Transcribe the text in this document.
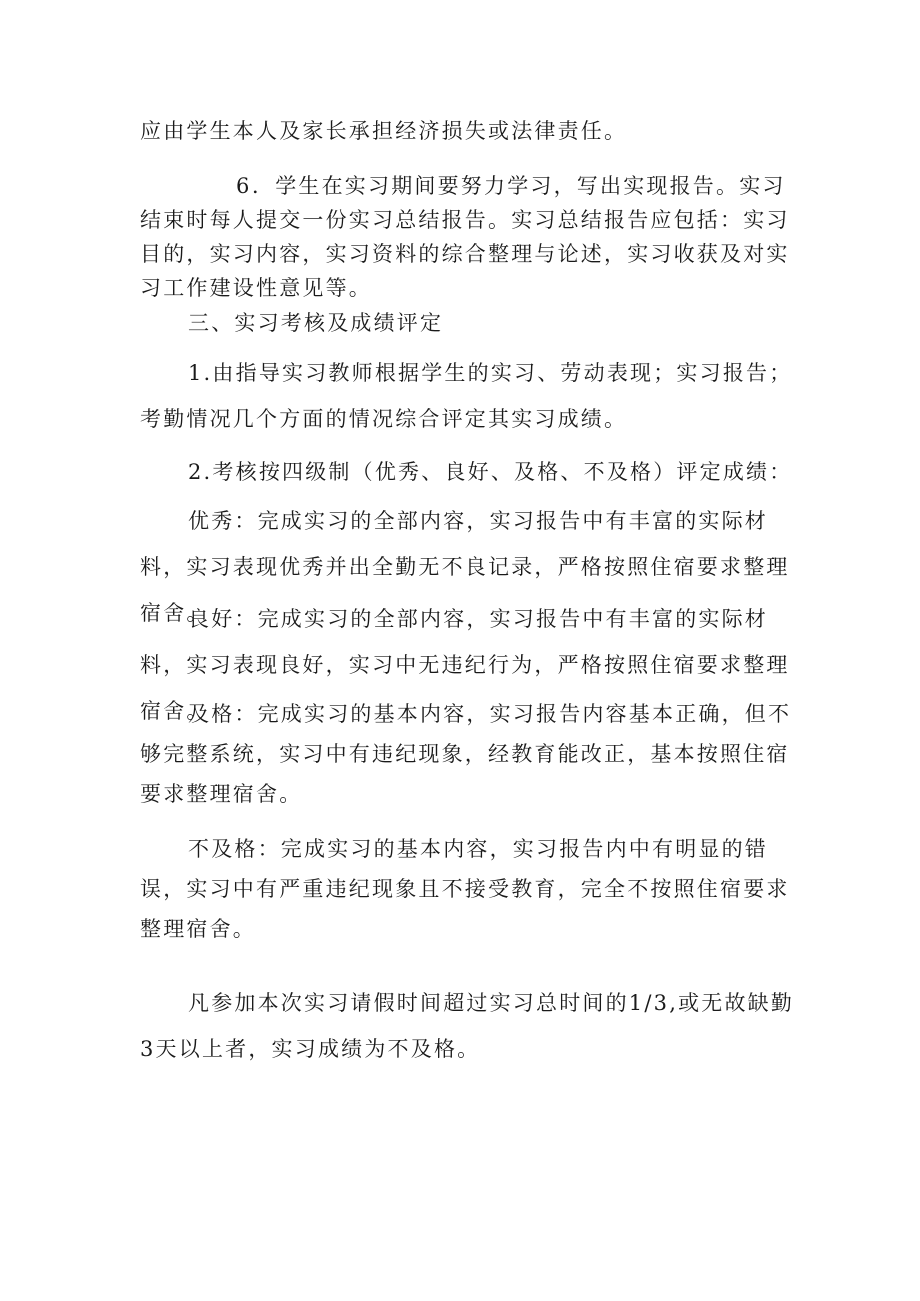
应由学生本人及家长承担经济损失或法律责任。

6．学生在实习期间要努力学习，写出实现报告。实习结束时每人提交一份实习总结报告。实习总结报告应包括：实习目的，实习内容，实习资料的综合整理与论述，实习收获及对实习工作建设性意见等。

三、实习考核及成绩评定

1.由指导实习教师根据学生的实习、劳动表现；实习报告；考勤情况几个方面的情况综合评定其实习成绩。

2.考核按四级制（优秀、良好、及格、不及格）评定成绩：

优秀：完成实习的全部内容，实习报告中有丰富的实际材料，实习表现优秀并出全勤无不良记录，严格按照住宿要求整理宿舍。

良好：完成实习的全部内容，实习报告中有丰富的实际材料，实习表现良好，实习中无违纪行为，严格按照住宿要求整理宿舍。

及格：完成实习的基本内容，实习报告内容基本正确，但不够完整系统，实习中有违纪现象，经教育能改正，基本按照住宿要求整理宿舍。

不及格：完成实习的基本内容，实习报告内中有明显的错误，实习中有严重违纪现象且不接受教育，完全不按照住宿要求整理宿舍。

凡参加本次实习请假时间超过实习总时间的1/3,或无故缺勤3天以上者，实习成绩为不及格。
